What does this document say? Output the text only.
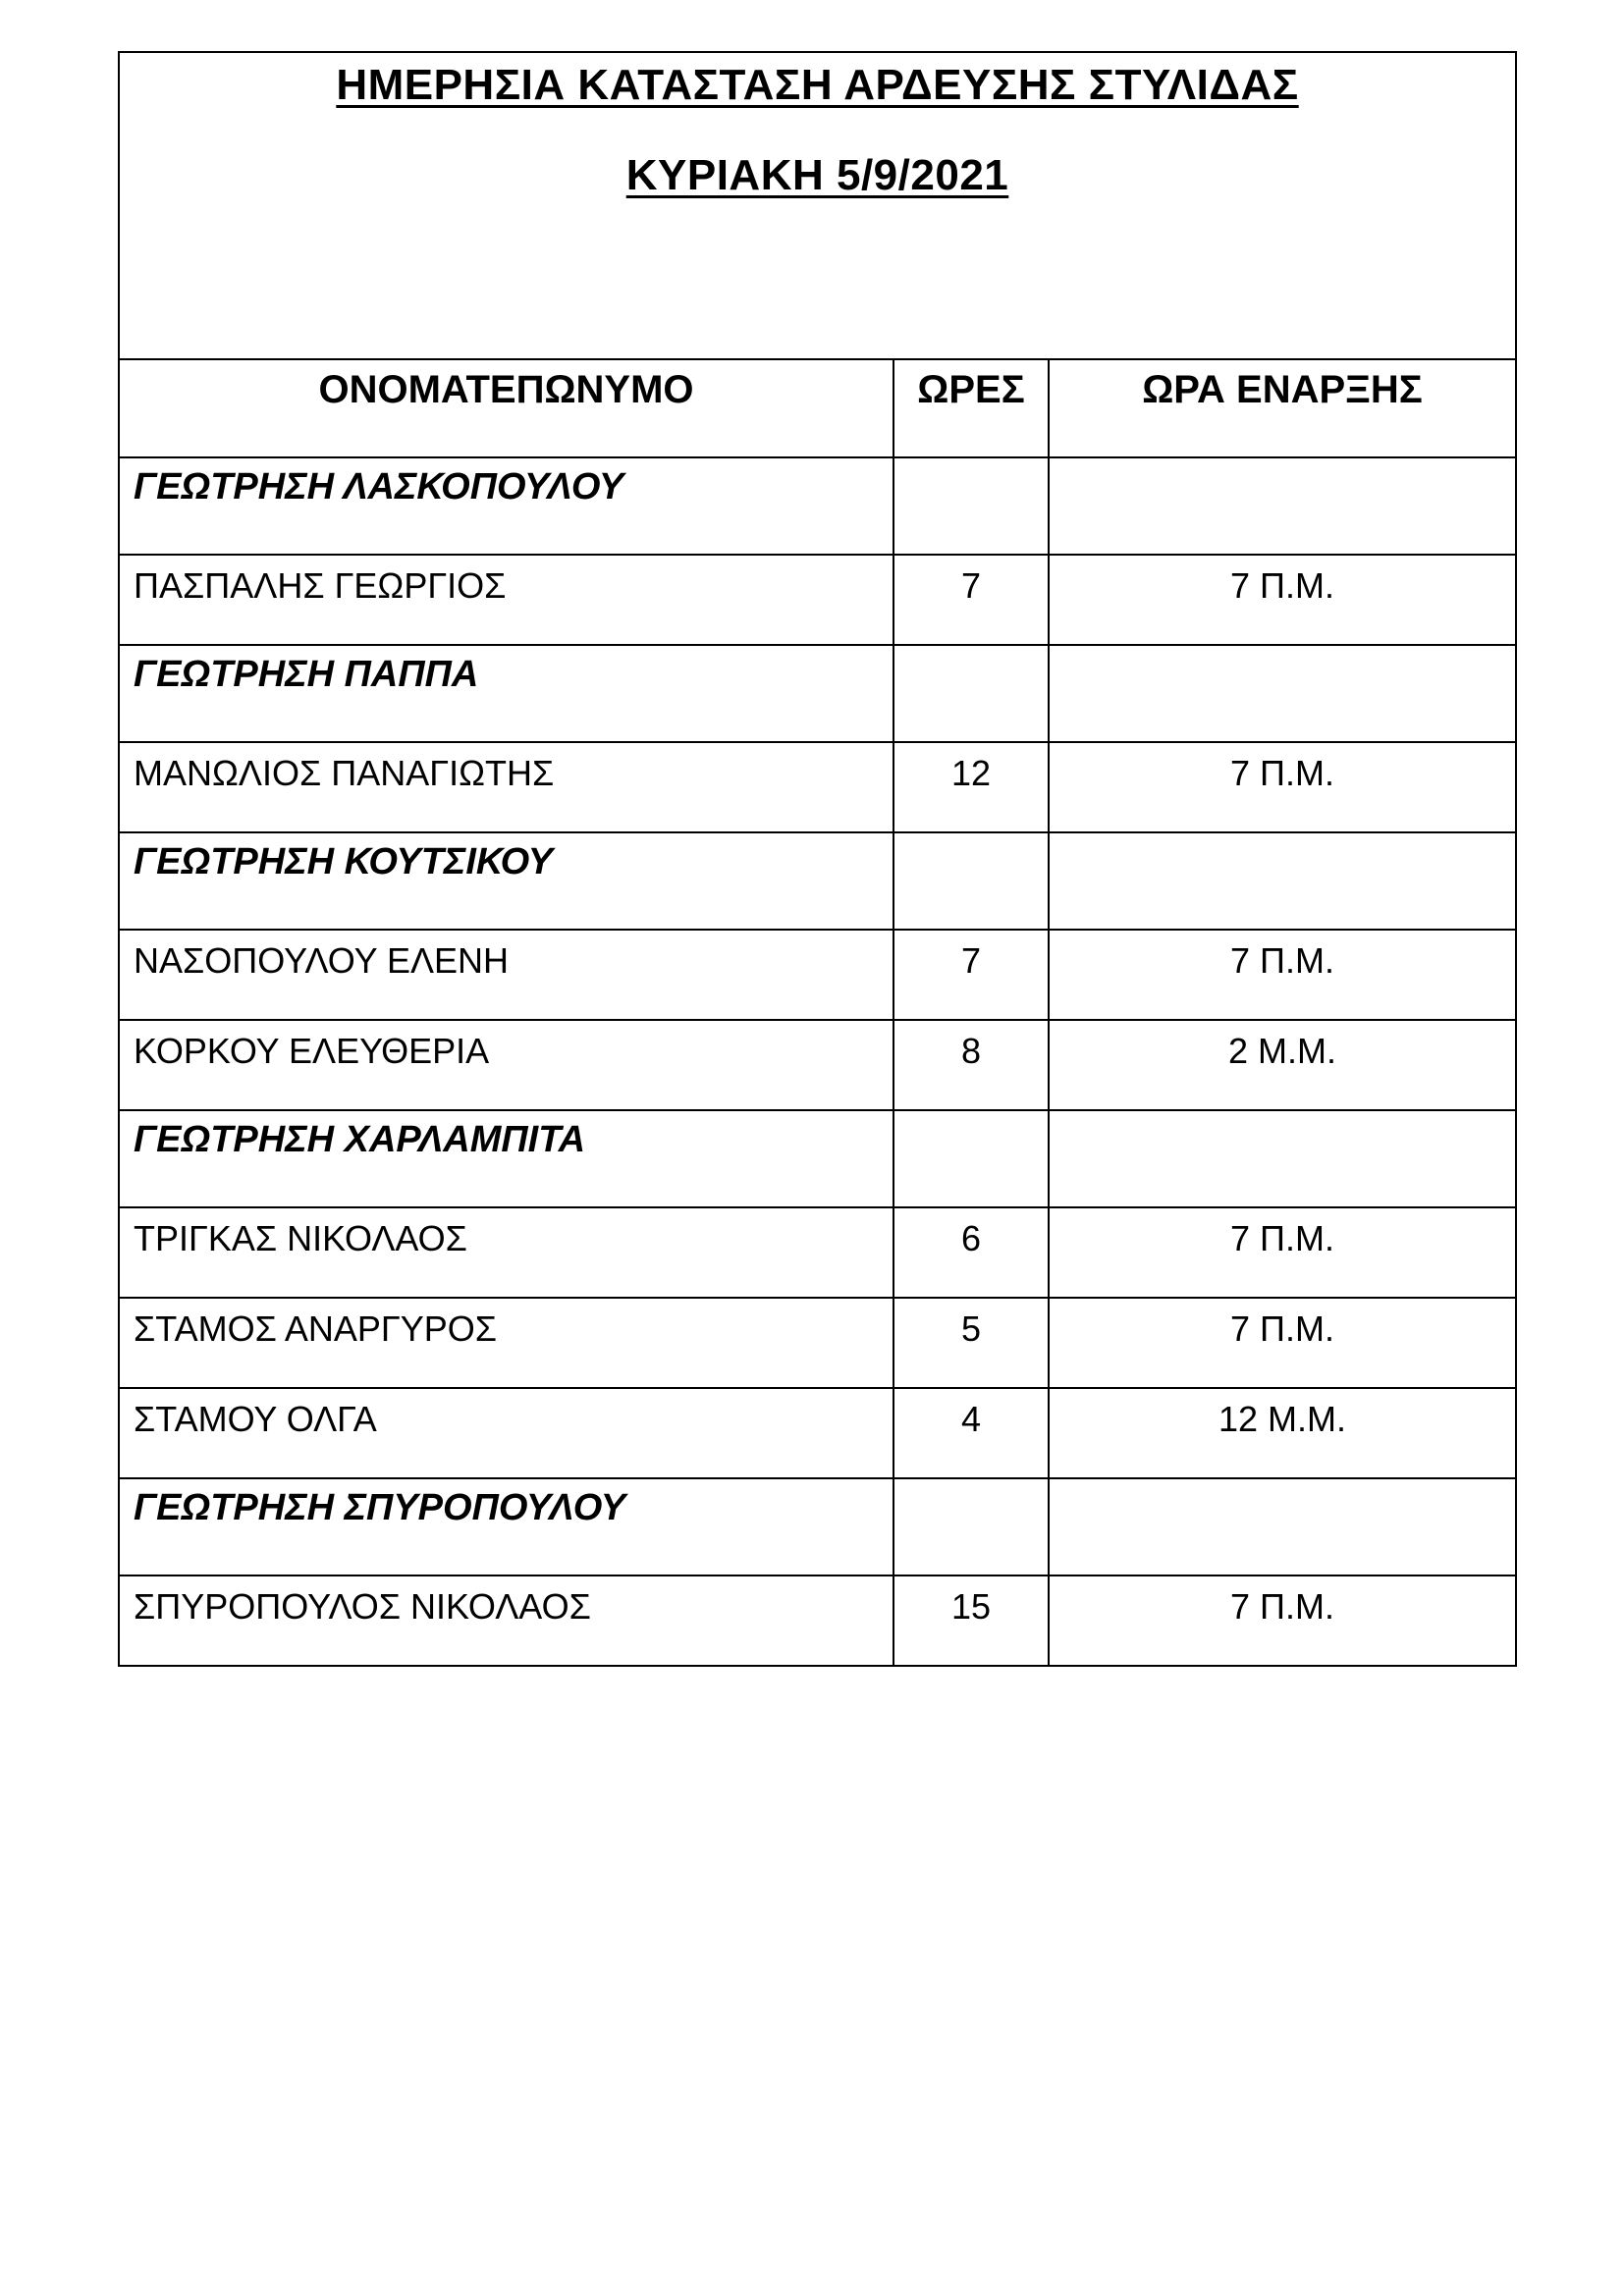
ΗΜΕΡΗΣΙΑ ΚΑΤΑΣΤΑΣΗ ΑΡΔΕΥΣΗΣ ΣΤΥΛΙΔΑΣ
ΚΥΡΙΑΚΗ 5/9/2021		

ΟΝΟΜΑΤΕΠΩΝΥΜΟ	ΩΡΕΣ	ΩΡΑ ΕΝΑΡΞΗΣ
ΓΕΩΤΡΗΣΗ ΛΑΣΚΟΠΟΥΛΟΥ		
ΠΑΣΠΑΛΗΣ ΓΕΩΡΓΙΟΣ	7	7 Π.Μ.
ΓΕΩΤΡΗΣΗ ΠΑΠΠΑ		
ΜΑΝΩΛΙΟΣ ΠΑΝΑΓΙΩΤΗΣ	12	7 Π.Μ.
ΓΕΩΤΡΗΣΗ ΚΟΥΤΣΙΚΟΥ		
ΝΑΣΟΠΟΥΛΟΥ ΕΛΕΝΗ	7	7 Π.Μ.
ΚΟΡΚΟΥ ΕΛΕΥΘΕΡΙΑ	8	2 Μ.Μ.
ΓΕΩΤΡΗΣΗ ΧΑΡΛΑΜΠΙΤΑ		
ΤΡΙΓΚΑΣ ΝΙΚΟΛΑΟΣ	6	7 Π.Μ.
ΣΤΑΜΟΣ ΑΝΑΡΓΥΡΟΣ	5	7 Π.Μ.
ΣΤΑΜΟΥ ΟΛΓΑ	4	12 Μ.Μ.
ΓΕΩΤΡΗΣΗ ΣΠΥΡΟΠΟΥΛΟΥ		
ΣΠΥΡΟΠΟΥΛΟΣ ΝΙΚΟΛΑΟΣ	15	7 Π.Μ.
